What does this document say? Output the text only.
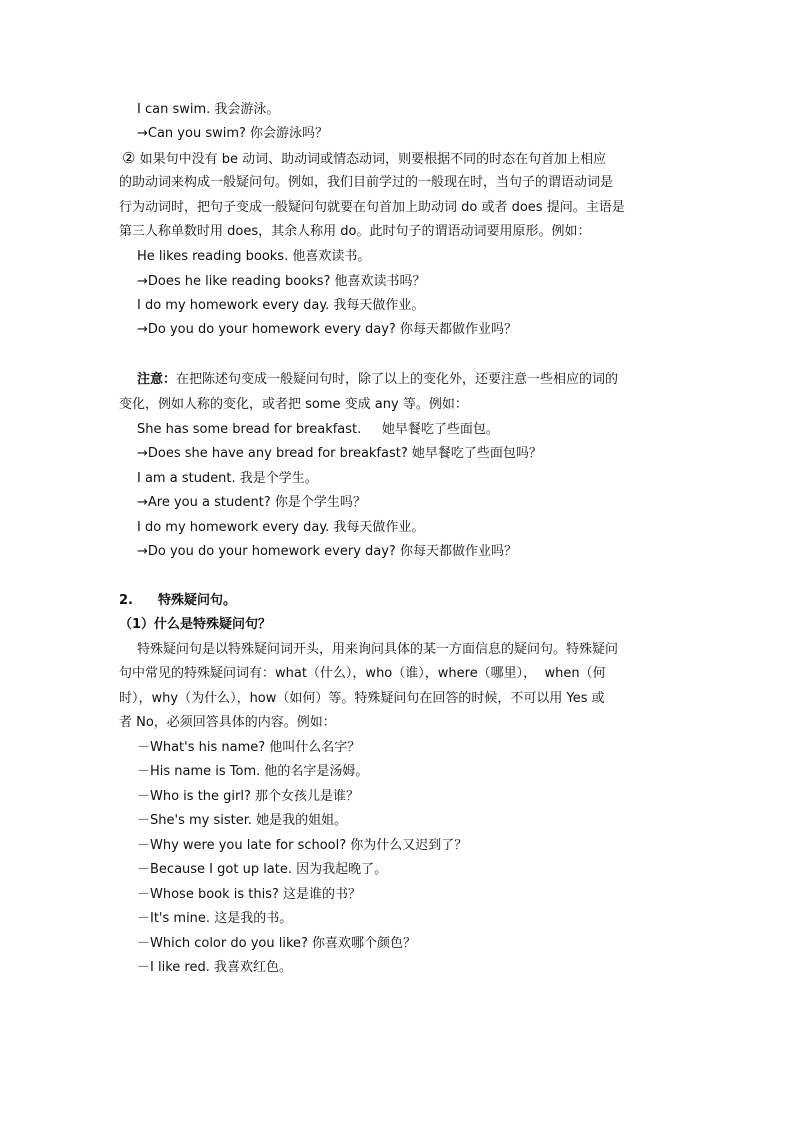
I can swim. 我会游泳。
→Can you swim? 你会游泳吗？
② 如果句中没有 be 动词、助动词或情态动词，则要根据不同的时态在句首加上相应
的助动词来构成一般疑问句。例如，我们目前学过的一般现在时，当句子的谓语动词是
行为动词时，把句子变成一般疑问句就要在句首加上助动词 do 或者 does 提问。主语是
第三人称单数时用 does，其余人称用 do。此时句子的谓语动词要用原形。例如：
He likes reading books. 他喜欢读书。
→Does he like reading books? 他喜欢读书吗？
I do my homework every day. 我每天做作业。
→Do you do your homework every day? 你每天都做作业吗？
注意：在把陈述句变成一般疑问句时，除了以上的变化外，还要注意一些相应的词的
变化，例如人称的变化，或者把 some 变成 any 等。例如：
She has some bread for breakfast.     她早餐吃了些面包。
→Does she have any bread for breakfast? 她早餐吃了些面包吗？
I am a student. 我是个学生。
→Are you a student? 你是个学生吗？
I do my homework every day. 我每天做作业。
→Do you do your homework every day? 你每天都做作业吗？
2. 特殊疑问句。
（1）什么是特殊疑问句？
特殊疑问句是以特殊疑问词开头，用来询问具体的某一方面信息的疑问句。特殊疑问
句中常见的特殊疑问词有：what（什么），who（谁），where（哪里），  when（何
时），why（为什么），how（如何）等。特殊疑问句在回答的时候，不可以用 Yes 或
者 No，必须回答具体的内容。例如：
－What's his name? 他叫什么名字？
－His name is Tom. 他的名字是汤姆。
－Who is the girl? 那个女孩儿是谁？
－She's my sister. 她是我的姐姐。
－Why were you late for school? 你为什么又迟到了？
－Because I got up late. 因为我起晚了。
－Whose book is this? 这是谁的书？
－It's mine. 这是我的书。
－Which color do you like? 你喜欢哪个颜色？
－I like red. 我喜欢红色。
